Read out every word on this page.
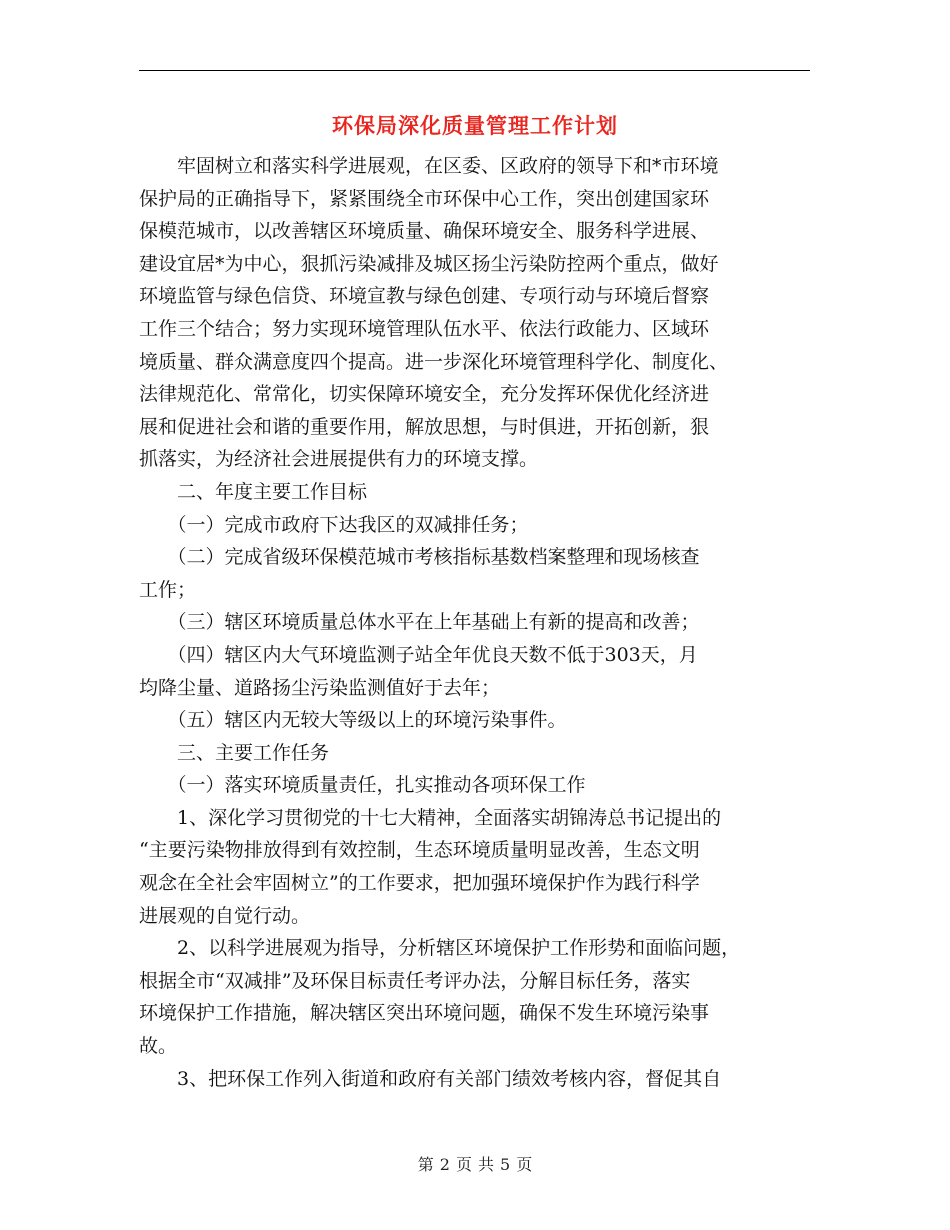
环保局深化质量管理工作计划
　　牢固树立和落实科学进展观，在区委、区政府的领导下和*市环境
保护局的正确指导下，紧紧围绕全市环保中心工作，突出创建国家环
保模范城市，以改善辖区环境质量、确保环境安全、服务科学进展、
建设宜居*为中心，狠抓污染减排及城区扬尘污染防控两个重点，做好
环境监管与绿色信贷、环境宣教与绿色创建、专项行动与环境后督察
工作三个结合；努力实现环境管理队伍水平、依法行政能力、区域环
境质量、群众满意度四个提高。进一步深化环境管理科学化、制度化、
法律规范化、常常化，切实保障环境安全，充分发挥环保优化经济进
展和促进社会和谐的重要作用，解放思想，与时俱进，开拓创新，狠
抓落实，为经济社会进展提供有力的环境支撑。
　　二、年度主要工作目标
　　（一）完成市政府下达我区的双减排任务；
　　（二）完成省级环保模范城市考核指标基数档案整理和现场核查
工作；
　　（三）辖区环境质量总体水平在上年基础上有新的提高和改善；
　　（四）辖区内大气环境监测子站全年优良天数不低于303天，月
均降尘量、道路扬尘污染监测值好于去年；
　　（五）辖区内无较大等级以上的环境污染事件。
　　三、主要工作任务
　　（一）落实环境质量责任，扎实推动各项环保工作
　　1、深化学习贯彻党的十七大精神，全面落实胡锦涛总书记提出的
“主要污染物排放得到有效控制，生态环境质量明显改善，生态文明
观念在全社会牢固树立”的工作要求，把加强环境保护作为践行科学
进展观的自觉行动。
　　2、以科学进展观为指导，分析辖区环境保护工作形势和面临问题，
根据全市“双减排”及环保目标责任考评办法，分解目标任务，落实
环境保护工作措施，解决辖区突出环境问题，确保不发生环境污染事
故。
　　3、把环保工作列入街道和政府有关部门绩效考核内容，督促其自
第 2 页 共 5 页
